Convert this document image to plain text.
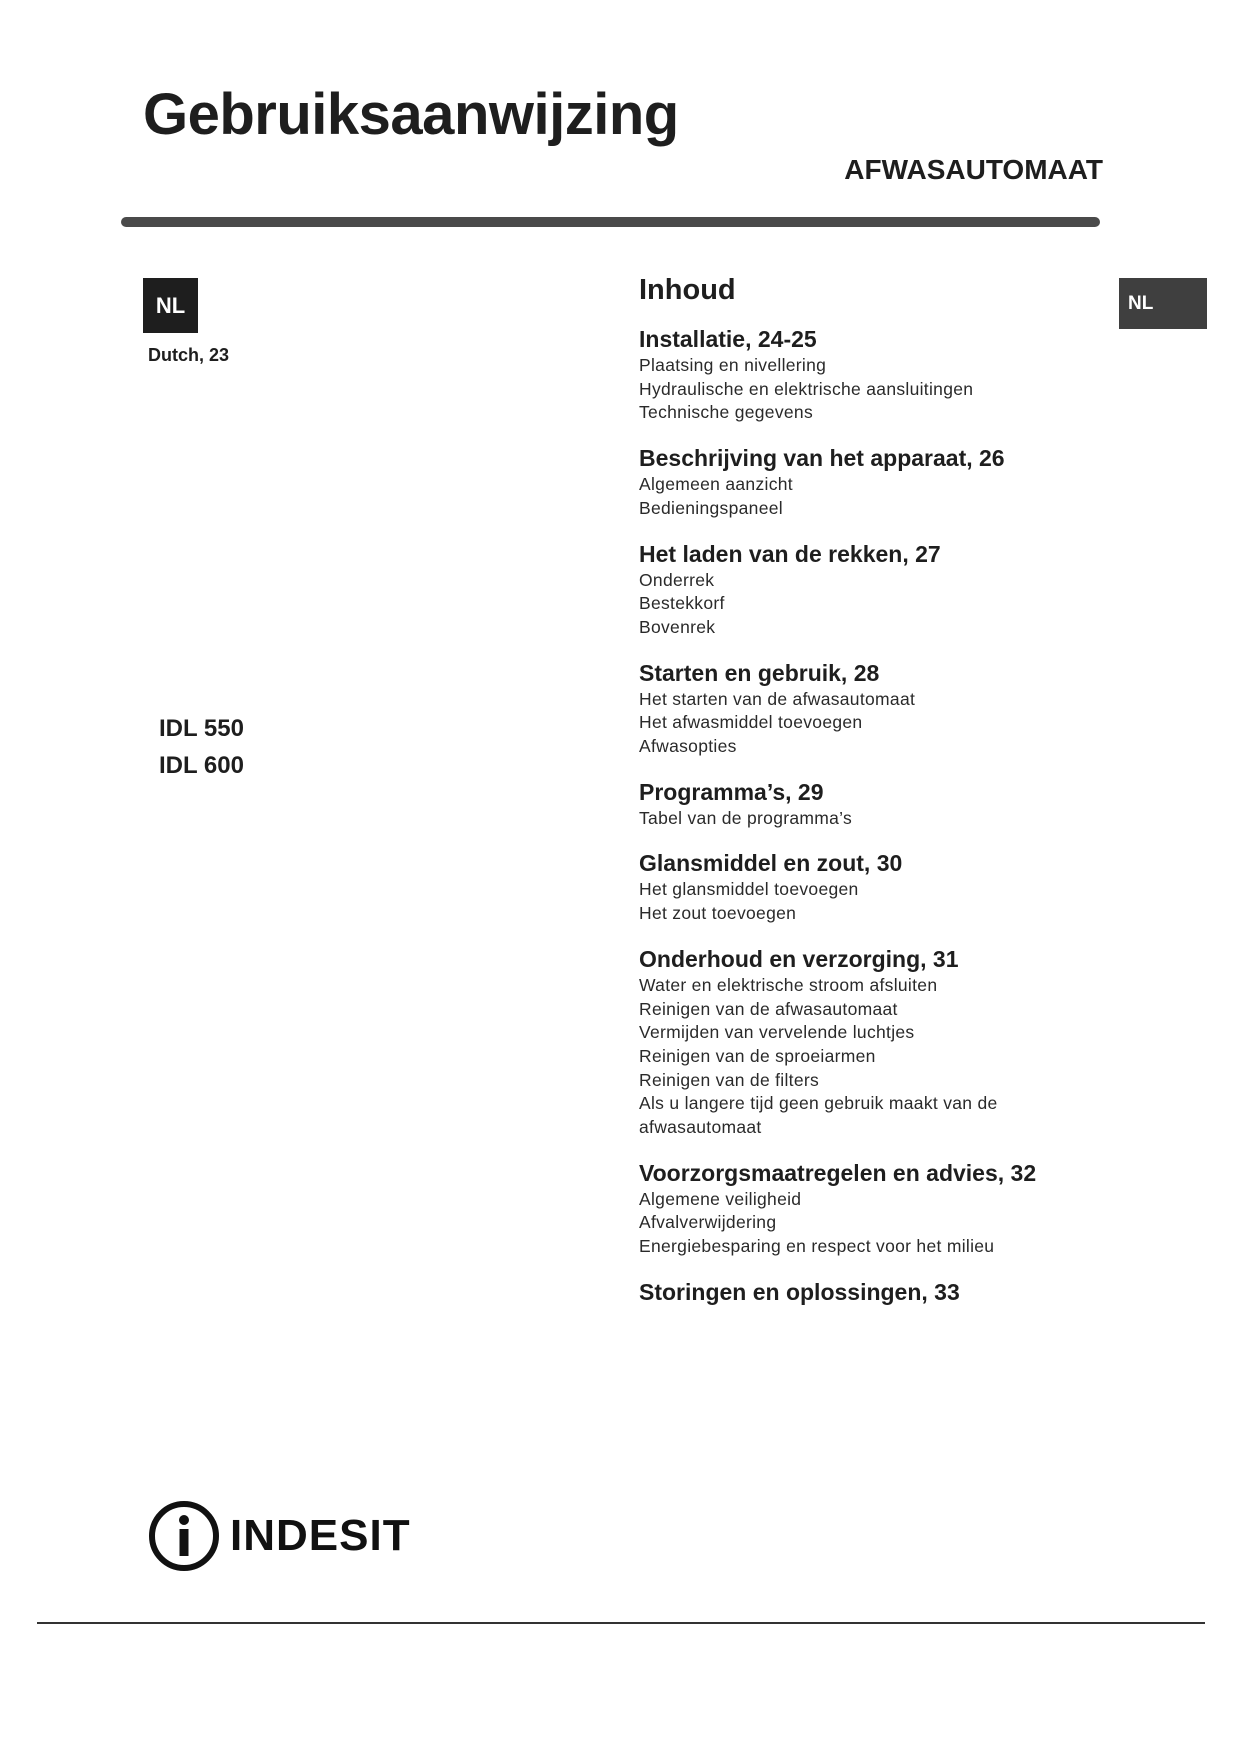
Gebruiksaanwijzing
AFWASAUTOMAAT
NL
Dutch, 23
NL
IDL 550
IDL 600
Inhoud
Installatie, 24-25
Plaatsing en nivellering
Hydraulische en elektrische aansluitingen
Technische gegevens
Beschrijving van het apparaat, 26
Algemeen aanzicht
Bedieningspaneel
Het laden van de rekken, 27
Onderrek
Bestekkorf
Bovenrek
Starten en gebruik, 28
Het starten van de afwasautomaat
Het afwasmiddel toevoegen
Afwasopties
Programma’s, 29
Tabel van de programma’s
Glansmiddel en zout, 30
Het glansmiddel toevoegen
Het zout toevoegen
Onderhoud en verzorging, 31
Water en elektrische stroom afsluiten
Reinigen van de afwasautomaat
Vermijden van vervelende luchtjes
Reinigen van de sproeiarmen
Reinigen van de filters
Als u langere tijd geen gebruik maakt van de
afwasautomaat
Voorzorgsmaatregelen en advies, 32
Algemene veiligheid
Afvalverwijdering
Energiebesparing en respect voor het milieu
Storingen en oplossingen, 33
INDESIT
